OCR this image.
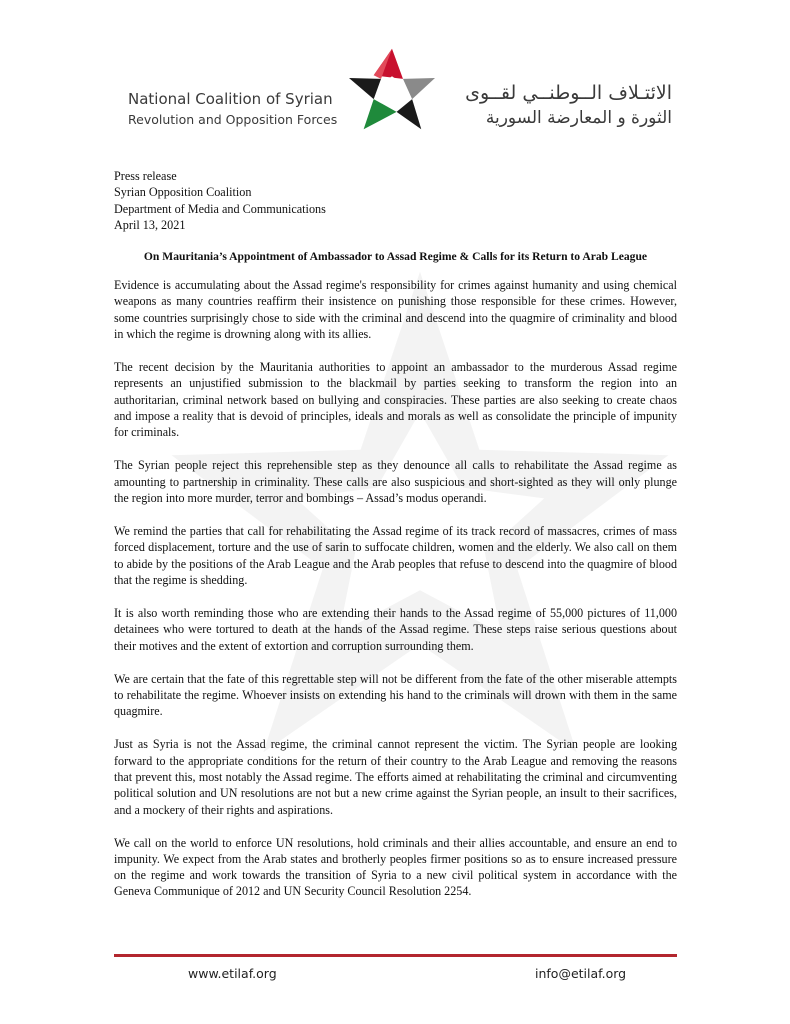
National Coalition of Syrian
Revolution and Opposition Forces
الائتـلاف الــوطنــي لقــوى
الثورة و المعارضة السورية
Press release
Syrian Opposition Coalition
Department of Media and Communications
April 13, 2021
On Mauritania’s Appointment of Ambassador to Assad Regime & Calls for its Return to Arab League

Evidence is accumulating about the Assad regime's responsibility for crimes against humanity and using chemical weapons as many countries reaffirm their insistence on punishing those responsible for these crimes. However, some countries surprisingly chose to side with the criminal and descend into the quagmire of criminality and blood in which the regime is drowning along with its allies.

The recent decision by the Mauritania authorities to appoint an ambassador to the murderous Assad regime represents an unjustified submission to the blackmail by parties seeking to transform the region into an authoritarian, criminal network based on bullying and conspiracies. These parties are also seeking to create chaos and impose a reality that is devoid of principles, ideals and morals as well as consolidate the principle of impunity for criminals.

The Syrian people reject this reprehensible step as they denounce all calls to rehabilitate the Assad regime as amounting to partnership in criminality. These calls are also suspicious and short-sighted as they will only plunge the region into more murder, terror and bombings – Assad’s modus operandi.

We remind the parties that call for rehabilitating the Assad regime of its track record of massacres, crimes of mass forced displacement, torture and the use of sarin to suffocate children, women and the elderly. We also call on them to abide by the positions of the Arab League and the Arab peoples that refuse to descend into the quagmire of blood that the regime is shedding.

It is also worth reminding those who are extending their hands to the Assad regime of 55,000 pictures of 11,000 detainees who were tortured to death at the hands of the Assad regime. These steps raise serious questions about their motives and the extent of extortion and corruption surrounding them.

We are certain that the fate of this regrettable step will not be different from the fate of the other miserable attempts to rehabilitate the regime. Whoever insists on extending his hand to the criminals will drown with them in the same quagmire.

Just as Syria is not the Assad regime, the criminal cannot represent the victim. The Syrian people are looking forward to the appropriate conditions for the return of their country to the Arab League and removing the reasons that prevent this, most notably the Assad regime. The efforts aimed at rehabilitating the criminal and circumventing political solution and UN resolutions are not but a new crime against the Syrian people, an insult to their sacrifices, and a mockery of their rights and aspirations.

We call on the world to enforce UN resolutions, hold criminals and their allies accountable, and ensure an end to impunity. We expect from the Arab states and brotherly peoples firmer positions so as to ensure increased pressure on the regime and work towards the transition of Syria to a new civil political system in accordance with the Geneva Communique of 2012 and UN Security Council Resolution 2254.

www.etilaf.org	info@etilaf.org
